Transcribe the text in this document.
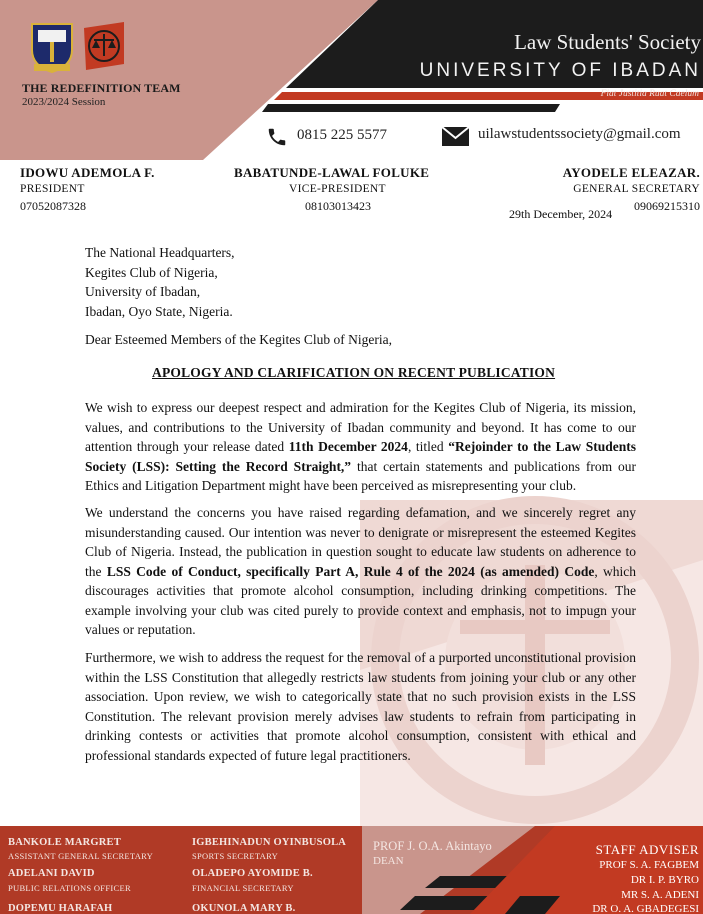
THE REDEFINITION TEAM
2023/2024 Session
Law Students' Society
UNIVERSITY OF IBADAN
Fiat Justitia Ruat Caelum
0815 225 5577	uilawstudentssociety@gmail.com
IDOWU ADEMOLA F.
PRESIDENT
07052087328
BABATUNDE-LAWAL FOLUKE
VICE-PRESIDENT
08103013423
AYODELE ELEAZAR.
GENERAL SECRETARY
09069215310
29th December, 2024
The National Headquarters,
Kegites Club of Nigeria,
University of Ibadan,
Ibadan, Oyo State, Nigeria.
Dear Esteemed Members of the Kegites Club of Nigeria,
APOLOGY AND CLARIFICATION ON RECENT PUBLICATION
We wish to express our deepest respect and admiration for the Kegites Club of Nigeria, its mission, values, and contributions to the University of Ibadan community and beyond. It has come to our attention through your release dated 11th December 2024, titled “Rejoinder to the Law Students Society (LSS): Setting the Record Straight,” that certain statements and publications from our Ethics and Litigation Department might have been perceived as misrepresenting your club.
We understand the concerns you have raised regarding defamation, and we sincerely regret any misunderstanding caused. Our intention was never to denigrate or misrepresent the esteemed Kegites Club of Nigeria. Instead, the publication in question sought to educate law students on adherence to the LSS Code of Conduct, specifically Part A, Rule 4 of the 2024 (as amended) Code, which discourages activities that promote alcohol consumption, including drinking competitions. The example involving your club was cited purely to provide context and emphasis, not to impugn your values or reputation.
Furthermore, we wish to address the request for the removal of a purported unconstitutional provision within the LSS Constitution that allegedly restricts law students from joining your club or any other association. Upon review, we wish to categorically state that no such provision exists in the LSS Constitution. The relevant provision merely advises law students to refrain from participating in drinking contests or activities that promote alcohol consumption, consistent with ethical and professional standards expected of future legal practitioners.
BANKOLE MARGRET
ASSISTANT GENERAL SECRETARY
ADELANI DAVID
PUBLIC RELATIONS OFFICER
DOPEMU HARAFAH
IGBEHINADUN OYINBUSOLA
SPORTS SECRETARY
OLADEPO AYOMIDE B.
FINANCIAL SECRETARY
OKUNOLA MARY B.
PROF J. O.A. Akintayo
DEAN
STAFF ADVISER
PROF S. A. FAGBEM
DR I. P. BYRO
MR S. A. ADENI
DR O. A. GBADEGESI
